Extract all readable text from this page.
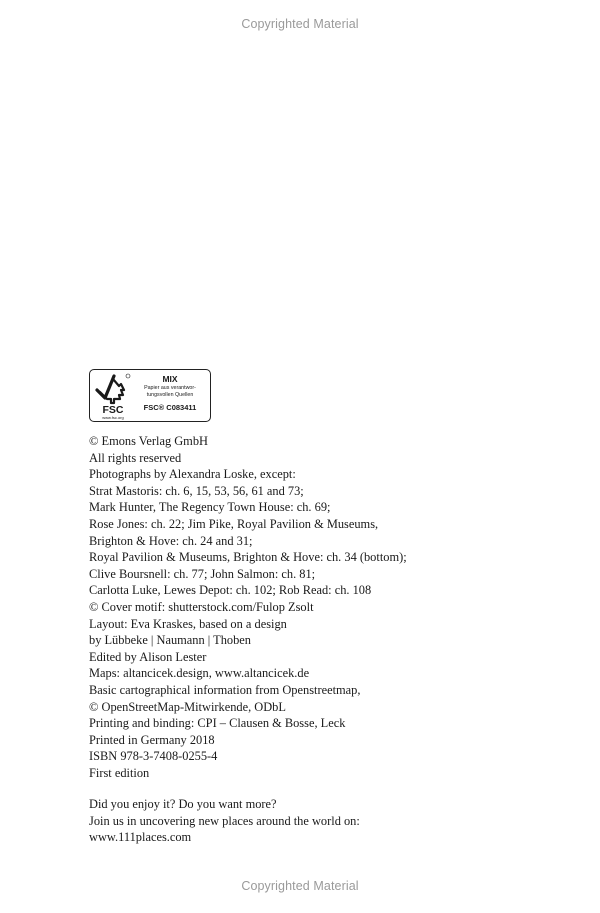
Copyrighted Material
FSC
www.fsc.org
MIX
Papier aus verantwor-
tungsvollen Quellen
FSC® C083411
© Emons Verlag GmbH
All rights reserved
Photographs by Alexandra Loske, except:
Strat Mastoris: ch. 6, 15, 53, 56, 61 and 73;
Mark Hunter, The Regency Town House: ch. 69;
Rose Jones: ch. 22; Jim Pike, Royal Pavilion & Museums,
Brighton & Hove: ch. 24 and 31;
Royal Pavilion & Museums, Brighton & Hove: ch. 34 (bottom);
Clive Boursnell: ch. 77; John Salmon: ch. 81;
Carlotta Luke, Lewes Depot: ch. 102; Rob Read: ch. 108
© Cover motif: shutterstock.com/Fulop Zsolt
Layout: Eva Kraskes, based on a design
by Lübbeke | Naumann | Thoben
Edited by Alison Lester
Maps: altancicek.design, www.altancicek.de
Basic cartographical information from Openstreetmap,
© OpenStreetMap-Mitwirkende, ODbL
Printing and binding: CPI – Clausen & Bosse, Leck
Printed in Germany 2018
ISBN 978-3-7408-0255-4
First edition
Did you enjoy it? Do you want more?
Join us in uncovering new places around the world on:
www.111places.com
Copyrighted Material
